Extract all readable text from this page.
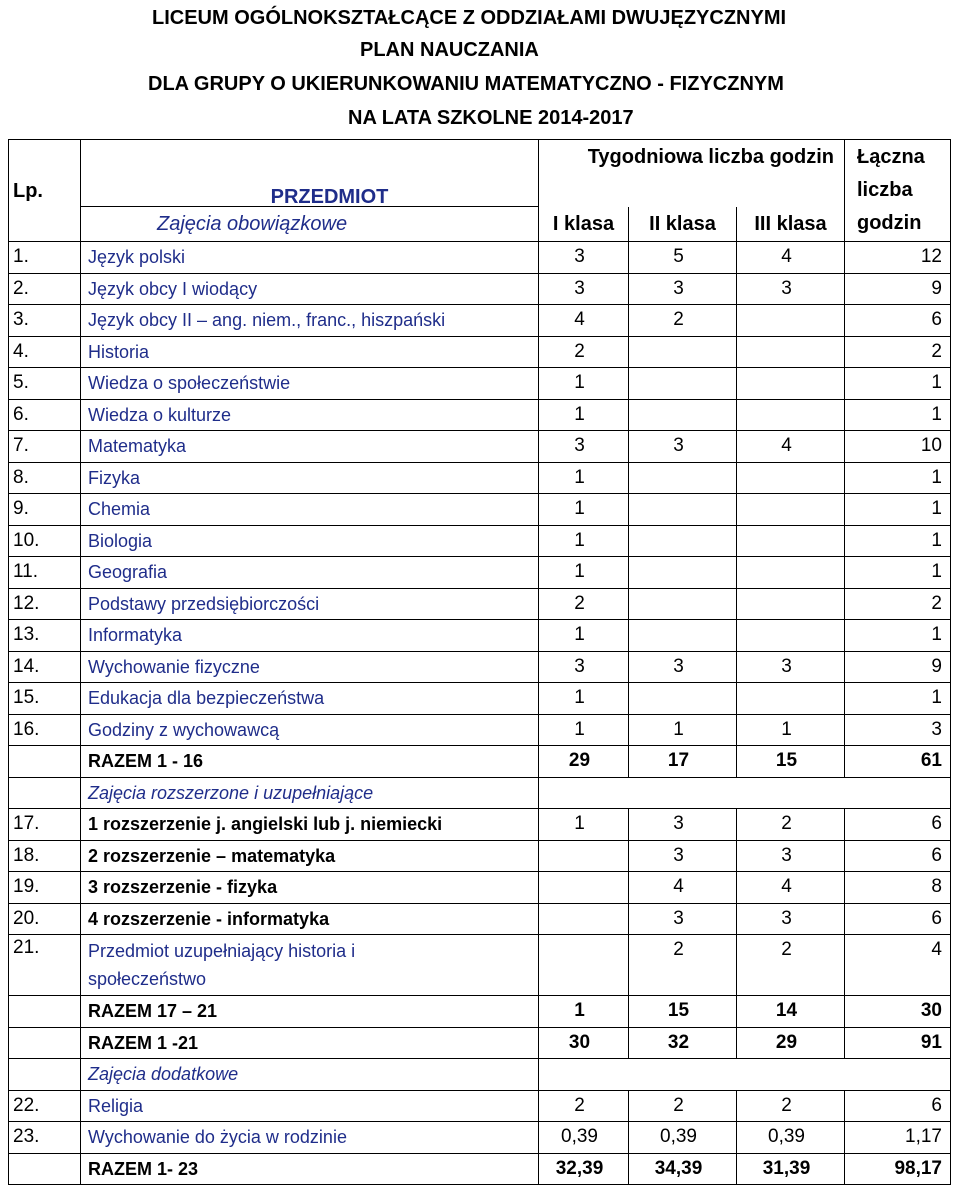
LICEUM OGÓLNOKSZTAŁCĄCE Z ODDZIAŁAMI DWUJĘZYCZNYMI
PLAN NAUCZANIA
DLA GRUPY O UKIERUNKOWANIU MATEMATYCZNO - FIZYCZNYM
NA LATA SZKOLNE 2014-2017
Lp.	PRZEDMIOT	Tygodniowa liczba godzin			Łączna
liczba
godzin

	Zajęcia obowiązkowe	I klasa	II klasa	III klasa	
1.	Język polski	3	5	4	12
2.	Język obcy I wiodący	3	3	3	9
3.	Język obcy II – ang. niem., franc., hiszpański	4	2		6
4.	Historia	2			2
5.	Wiedza o społeczeństwie	1			1
6.	Wiedza o kulturze	1			1
7.	Matematyka	3	3	4	10
8.	Fizyka	1			1
9.	Chemia	1			1
10.	Biologia	1			1
11.	Geografia	1			1
12.	Podstawy przedsiębiorczości	2			2
13.	Informatyka	1			1
14.	Wychowanie fizyczne	3	3	3	9
15.	Edukacja dla bezpieczeństwa	1			1
16.	Godziny z wychowawcą	1	1	1	3
	RAZEM 1 - 16	29	17	15	61
	Zajęcia rozszerzone i uzupełniające				
17.	1 rozszerzenie j. angielski lub j. niemiecki	1	3	2	6
18.	2 rozszerzenie – matematyka		3	3	6
19.	3 rozszerzenie - fizyka		4	4	8
20.	4 rozszerzenie - informatyka		3	3	6
21.	Przedmiot uzupełniający historia i
społeczeństwo		2	2	4
	RAZEM 17 – 21	1	15	14	30
	RAZEM 1 -21	30	32	29	91
	Zajęcia dodatkowe				
22.	Religia	2	2	2	6
23.	Wychowanie do życia w rodzinie	0,39	0,39	0,39	1,17
	RAZEM 1- 23	32,39	34,39	31,39	98,17
